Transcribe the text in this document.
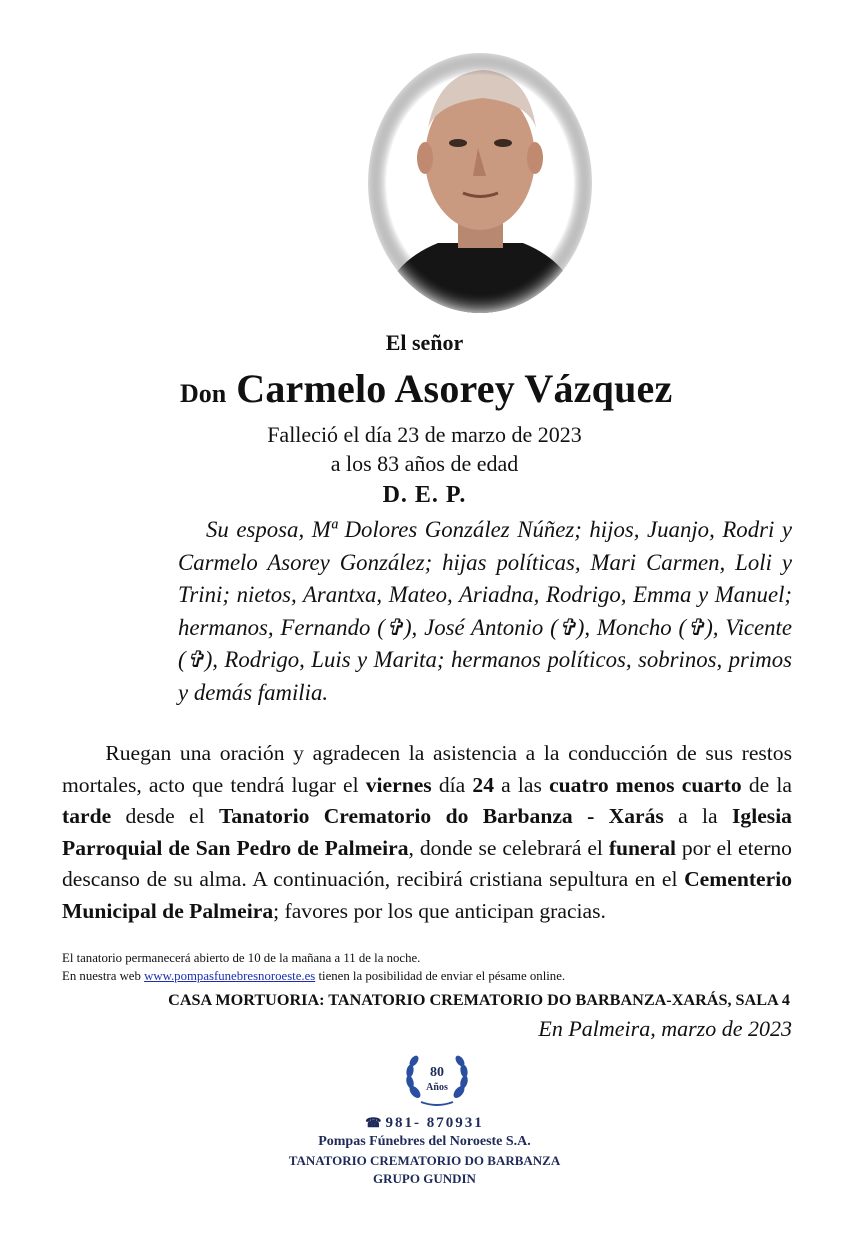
El señor
Don Carmelo Asorey Vázquez
Falleció el día 23 de marzo de 2023
a los 83 años de edad
D. E. P.
Su esposa, Mª Dolores González Núñez; hijos, Juanjo, Rodri y Carmelo Asorey González; hijas políticas, Mari Carmen, Loli y Trini; nietos, Arantxa, Mateo, Ariadna, Rodrigo, Emma y Manuel; hermanos, Fernando (✞), José Antonio (✞), Moncho (✞), Vicente (✞), Rodrigo, Luis y Marita; hermanos políticos, sobrinos, primos y demás familia.
Ruegan una oración y agradecen la asistencia a la conducción de sus restos mortales, acto que tendrá lugar el viernes día 24 a las cuatro menos cuarto de la tarde desde el Tanatorio Crematorio do Barbanza - Xarás a la Iglesia Parroquial de San Pedro de Palmeira, donde se celebrará el funeral por el eterno descanso de su alma. A continuación, recibirá cristiana sepultura en el Cementerio Municipal de Palmeira; favores por los que anticipan gracias.
El tanatorio permanecerá abierto de 10 de la mañana a 11 de la noche.
En nuestra web www.pompasfunebresnoroeste.es tienen la posibilidad de enviar el pésame online.
CASA MORTUORIA: TANATORIO CREMATORIO DO BARBANZA-XARÁS, SALA 4
En Palmeira, marzo de 2023
80
Años
☎ 981- 870931
Pompas Fúnebres del Noroeste S.A.
TANATORIO CREMATORIO DO BARBANZA
GRUPO GUNDIN
